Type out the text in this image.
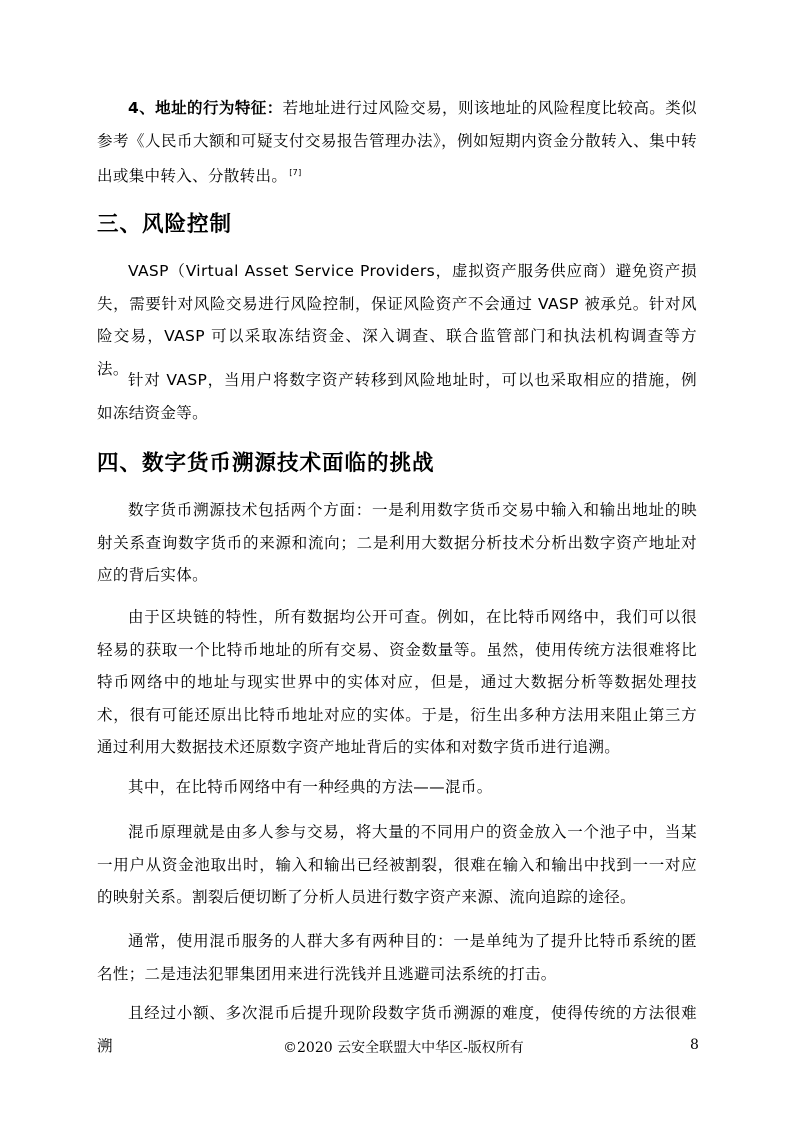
4、地址的行为特征：若地址进行过风险交易，则该地址的风险程度比较高。类似参考《人民币大额和可疑支付交易报告管理办法》，例如短期内资金分散转入、集中转出或集中转入、分散转出。 [7]

三、风险控制

VASP（Virtual Asset Service Providers，虚拟资产服务供应商）避免资产损失，需要针对风险交易进行风险控制，保证风险资产不会通过 VASP 被承兑。针对风险交易，VASP 可以采取冻结资金、深入调查、联合监管部门和执法机构调查等方法。

针对 VASP，当用户将数字资产转移到风险地址时，可以也采取相应的措施，例如冻结资金等。

四、数字货币溯源技术面临的挑战

数字货币溯源技术包括两个方面：一是利用数字货币交易中输入和输出地址的映射关系查询数字货币的来源和流向；二是利用大数据分析技术分析出数字资产地址对应的背后实体。

由于区块链的特性，所有数据均公开可查。例如，在比特币网络中，我们可以很轻易的获取一个比特币地址的所有交易、资金数量等。虽然，使用传统方法很难将比特币网络中的地址与现实世界中的实体对应，但是，通过大数据分析等数据处理技术，很有可能还原出比特币地址对应的实体。于是，衍生出多种方法用来阻止第三方通过利用大数据技术还原数字资产地址背后的实体和对数字货币进行追溯。

其中，在比特币网络中有一种经典的方法——混币。

混币原理就是由多人参与交易，将大量的不同用户的资金放入一个池子中，当某一用户从资金池取出时，输入和输出已经被割裂，很难在输入和输出中找到一一对应的映射关系。割裂后便切断了分析人员进行数字资产来源、流向追踪的途径。

通常，使用混币服务的人群大多有两种目的：一是单纯为了提升比特币系统的匿名性；二是违法犯罪集团用来进行洗钱并且逃避司法系统的打击。

且经过小额、多次混币后提升现阶段数字货币溯源的难度，使得传统的方法很难溯	©2020 云安全联盟大中华区-版权所有	8
